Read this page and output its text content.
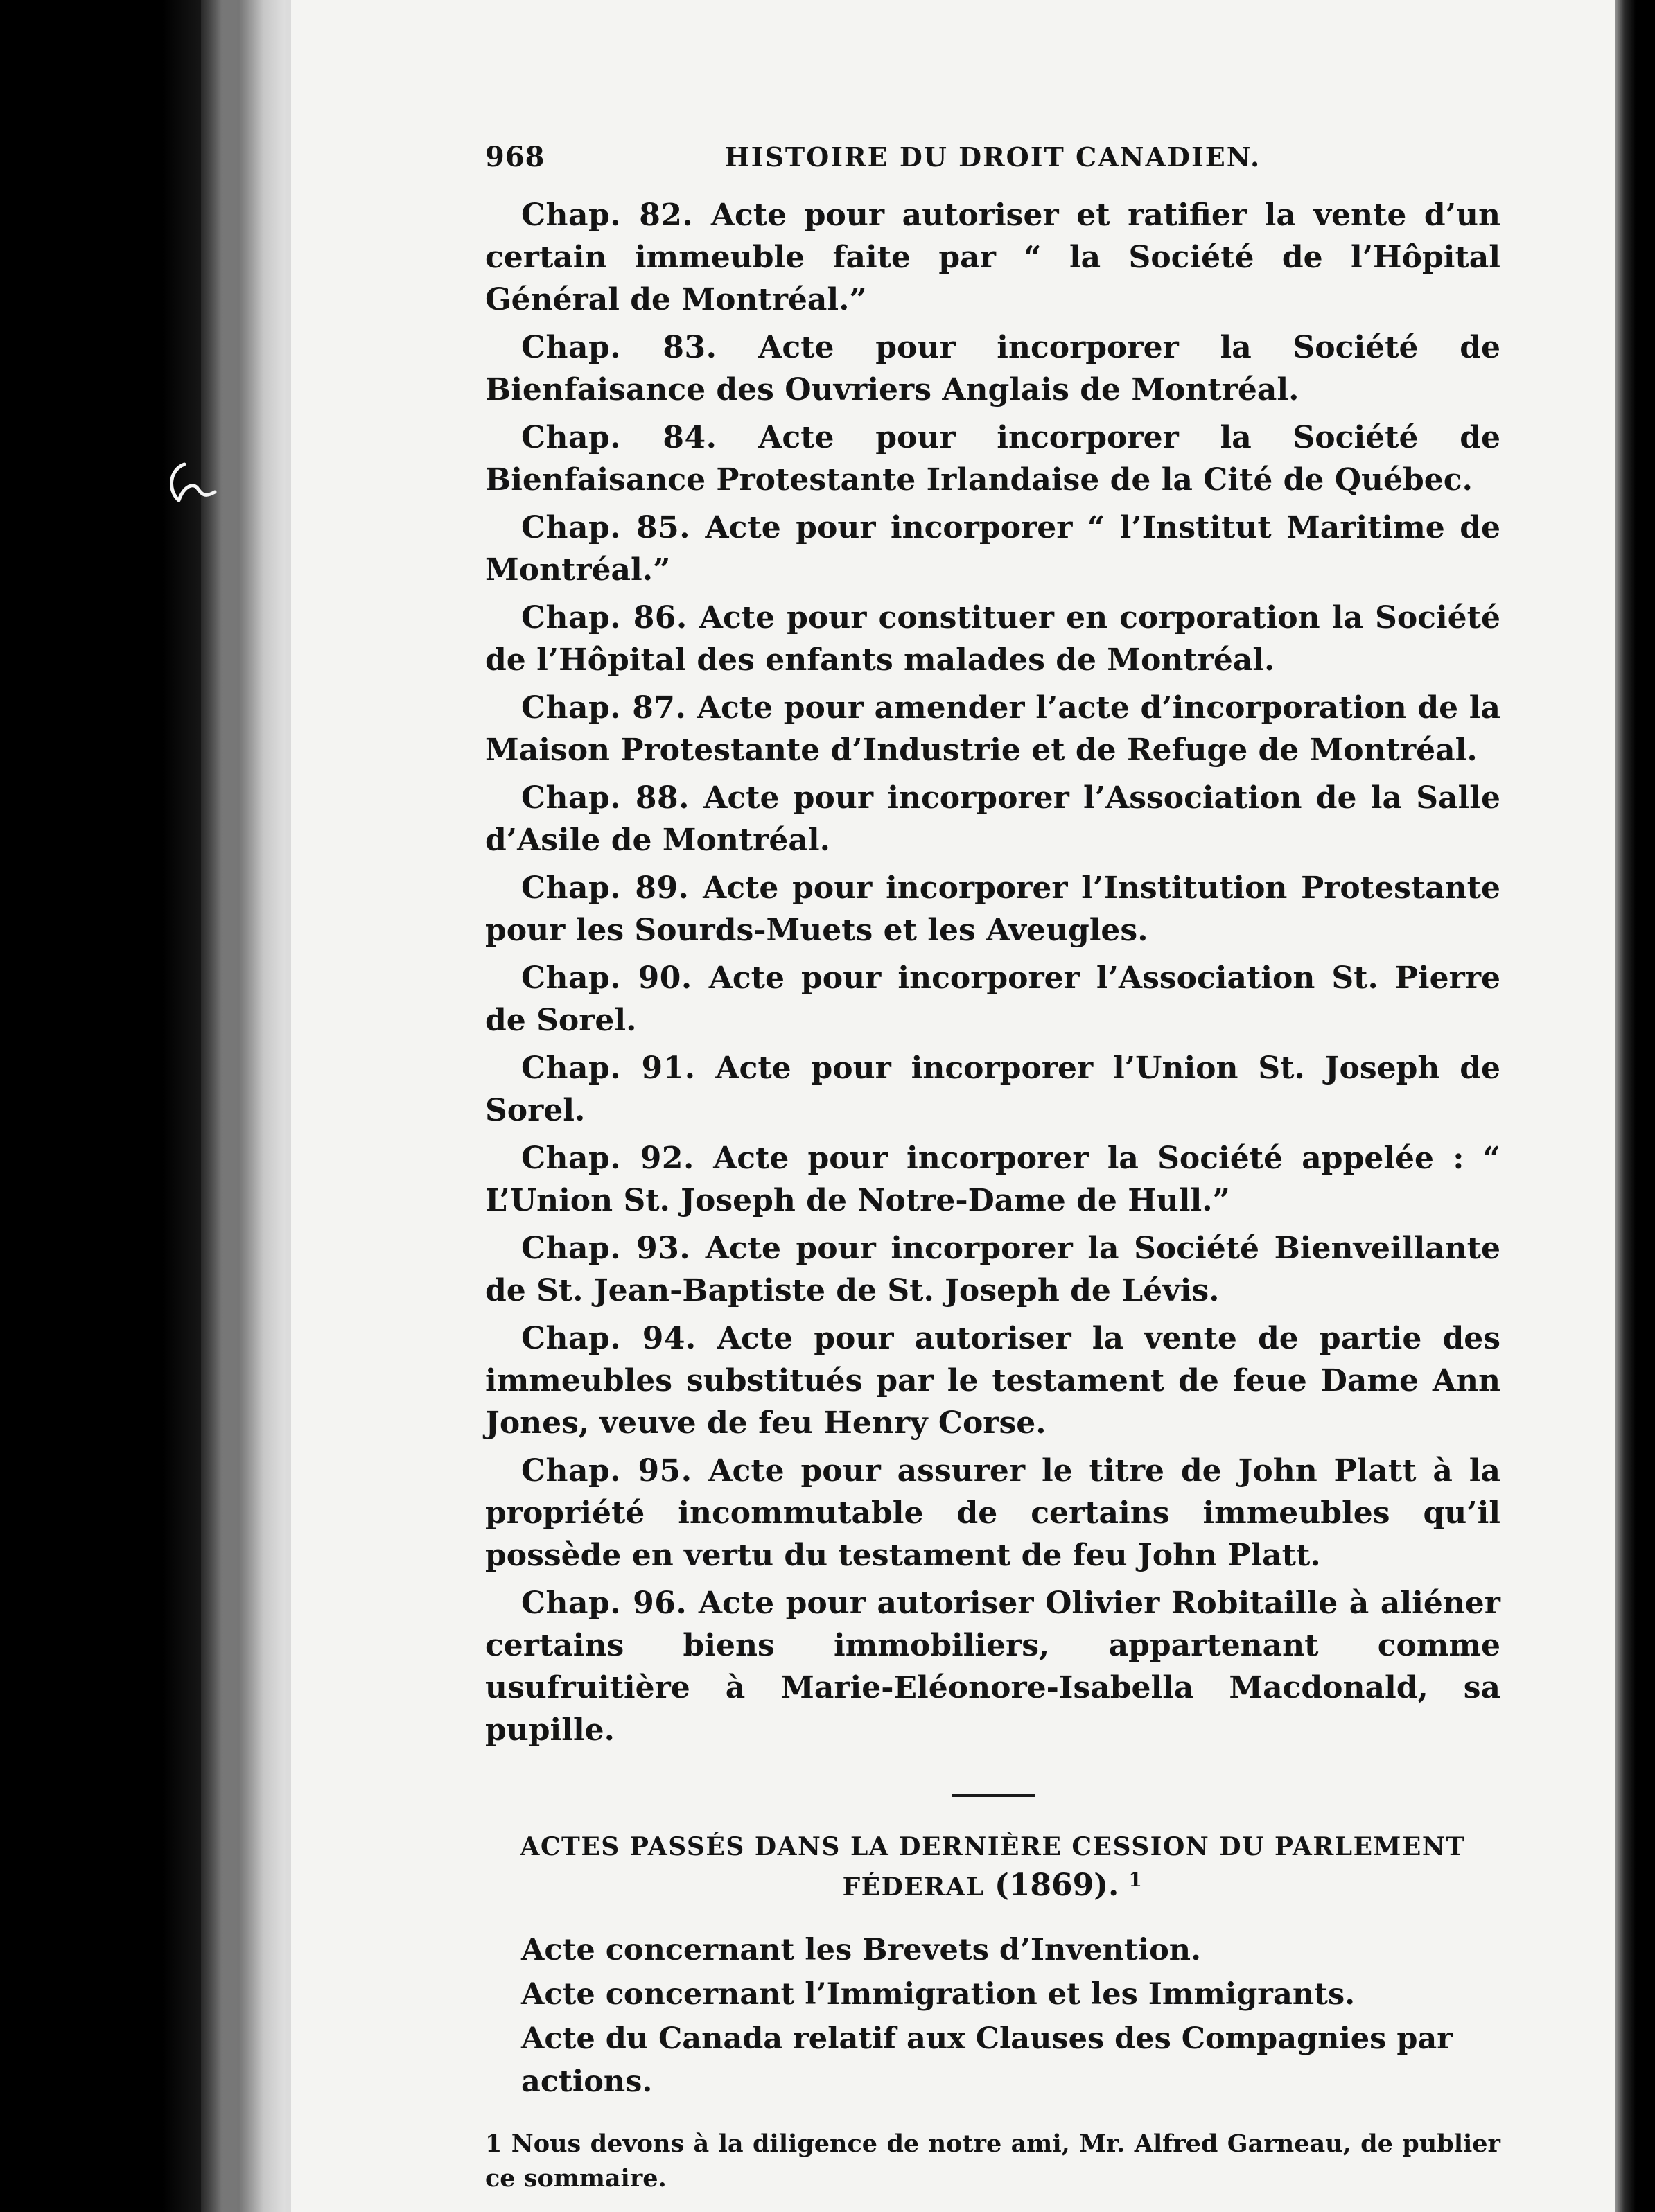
968	HISTOIRE DU DROIT CANADIEN.

Chap. 82. Acte pour autoriser et ratifier la vente d’un certain immeuble faite par “ la Société de l’Hôpital Général de Montréal.”

Chap. 83. Acte pour incorporer la Société de Bienfaisance des Ouvriers Anglais de Montréal.

Chap. 84. Acte pour incorporer la Société de Bienfaisance Protestante Irlandaise de la Cité de Québec.

Chap. 85. Acte pour incorporer “ l’Institut Maritime de Montréal.”

Chap. 86. Acte pour constituer en corporation la Société de l’Hôpital des enfants malades de Montréal.

Chap. 87. Acte pour amender l’acte d’incorporation de la Maison Protestante d’Industrie et de Refuge de Montréal.

Chap. 88. Acte pour incorporer l’Association de la Salle d’Asile de Montréal.

Chap. 89. Acte pour incorporer l’Institution Protestante pour les Sourds-Muets et les Aveugles.

Chap. 90. Acte pour incorporer l’Association St. Pierre de Sorel.

Chap. 91. Acte pour incorporer l’Union St. Joseph de Sorel.

Chap. 92. Acte pour incorporer la Société appelée : “ L’Union St. Joseph de Notre-Dame de Hull.”

Chap. 93. Acte pour incorporer la Société Bienveillante de St. Jean-Baptiste de St. Joseph de Lévis.

Chap. 94. Acte pour autoriser la vente de partie des immeubles substitués par le testament de feue Dame Ann Jones, veuve de feu Henry Corse.

Chap. 95. Acte pour assurer le titre de John Platt à la propriété incommutable de certains immeubles qu’il possède en vertu du testament de feu John Platt.

Chap. 96. Acte pour autoriser Olivier Robitaille à aliéner certains biens immobiliers, appartenant comme usufruitière à Marie-Eléonore-Isabella Macdonald, sa pupille.

ACTES PASSÉS DANS LA DERNIÈRE CESSION DU PARLEMENT FÉDERAL (1869). $^1$

Acte concernant les Brevets d’Invention.

Acte concernant l’Immigration et les Immigrants.

Acte du Canada relatif aux Clauses des Compagnies par actions.

1 Nous devons à la diligence de notre ami, Mr. Alfred Garneau, de publier ce sommaire.
